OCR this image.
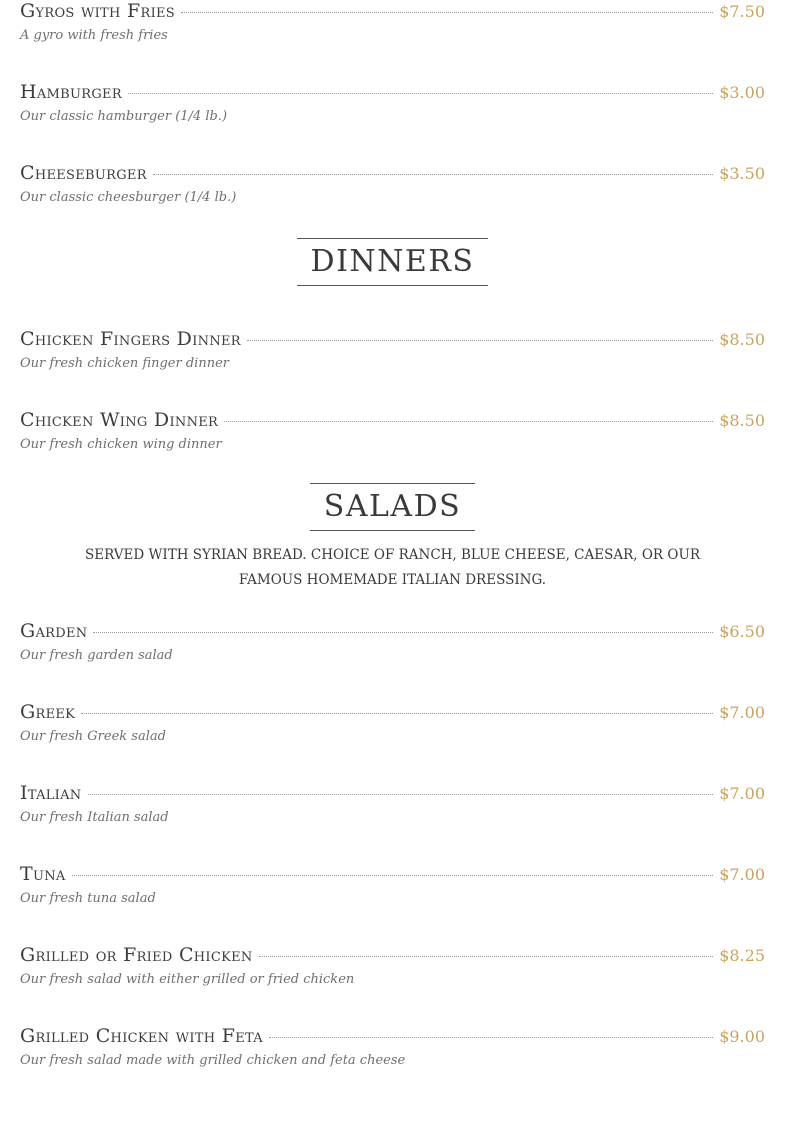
Gyros with Fries	$7.50
A gyro with fresh fries
Hamburger	$3.00
Our classic hamburger (1/4 lb.)
Cheeseburger	$3.50
Our classic cheesburger (1/4 lb.)
DINNERS
Chicken Fingers Dinner	$8.50
Our fresh chicken finger dinner
Chicken Wing Dinner	$8.50
Our fresh chicken wing dinner
SALADS
SERVED WITH SYRIAN BREAD. CHOICE OF RANCH, BLUE CHEESE, CAESAR, OR OUR FAMOUS HOMEMADE ITALIAN DRESSING.
Garden	$6.50
Our fresh garden salad
Greek	$7.00
Our fresh Greek salad
Italian	$7.00
Our fresh Italian salad
Tuna	$7.00
Our fresh tuna salad
Grilled or Fried Chicken	$8.25
Our fresh salad with either grilled or fried chicken
Grilled Chicken with Feta	$9.00
Our fresh salad made with grilled chicken and feta cheese
